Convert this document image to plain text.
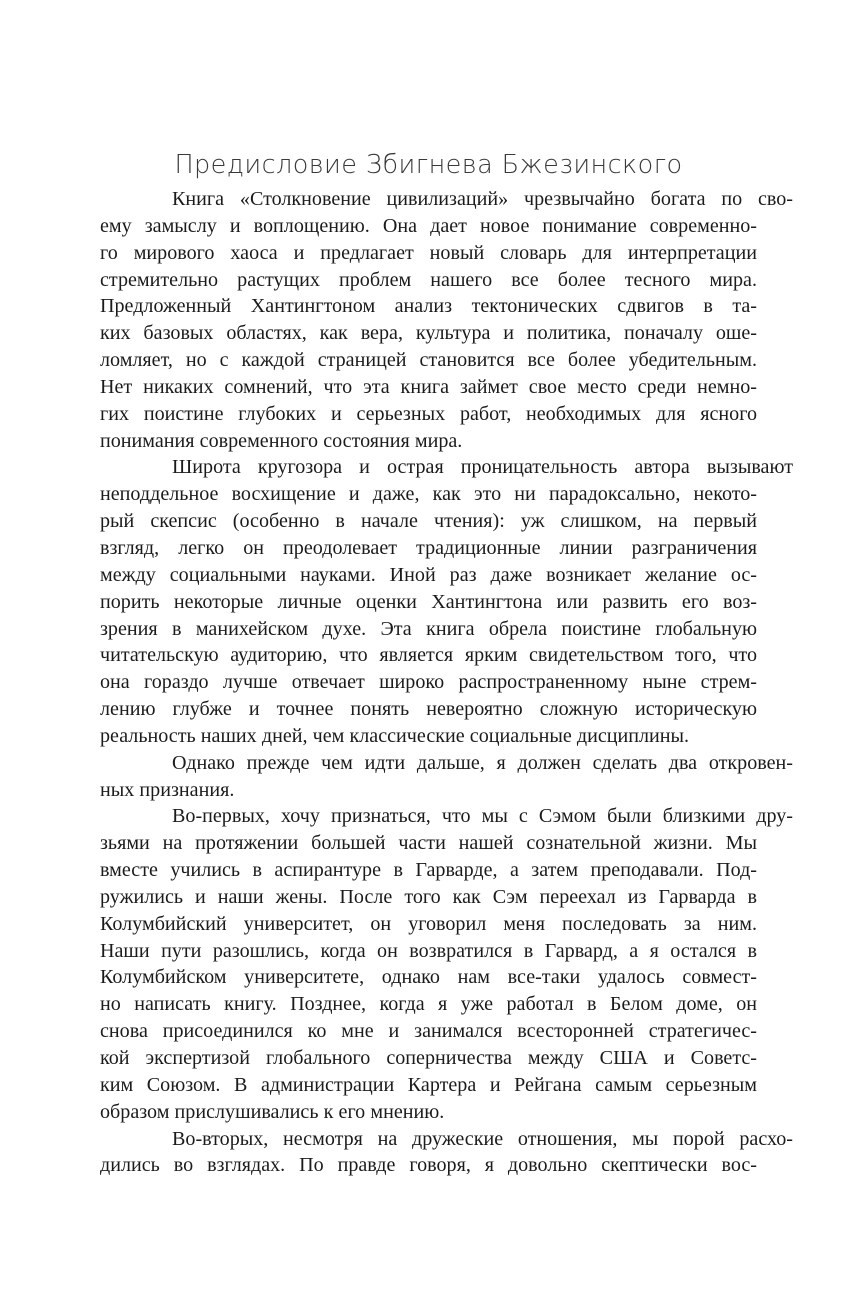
Предисловие Збигнева Бжезинского

Книга «Столкновение цивилизаций» чрезвычайно богата по сво-
ему замыслу и воплощению. Она дает новое понимание современно-
го мирового хаоса и предлагает новый словарь для интерпретации
стремительно растущих проблем нашего все более тесного мира.
Предложенный Хантингтоном анализ тектонических сдвигов в та-
ких базовых областях, как вера, культура и политика, поначалу оше-
ломляет, но с каждой страницей становится все более убедительным.
Нет никаких сомнений, что эта книга займет свое место среди немно-
гих поистине глубоких и серьезных работ, необходимых для ясного
понимания современного состояния мира.

Широта кругозора и острая проницательность автора вызывают
неподдельное восхищение и даже, как это ни парадоксально, некото-
рый скепсис (особенно в начале чтения): уж слишком, на первый
взгляд, легко он преодолевает традиционные линии разграничения
между социальными науками. Иной раз даже возникает желание ос-
порить некоторые личные оценки Хантингтона или развить его воз-
зрения в манихейском духе. Эта книга обрела поистине глобальную
читательскую аудиторию, что является ярким свидетельством того, что
она гораздо лучше отвечает широко распространенному ныне стрем-
лению глубже и точнее понять невероятно сложную историческую
реальность наших дней, чем классические социальные дисциплины.

Однако прежде чем идти дальше, я должен сделать два откровен-
ных признания.

Во-первых, хочу признаться, что мы с Сэмом были близкими дру-
зьями на протяжении большей части нашей сознательной жизни. Мы
вместе учились в аспирантуре в Гарварде, а затем преподавали. Под-
ружились и наши жены. После того как Сэм переехал из Гарварда в
Колумбийский университет, он уговорил меня последовать за ним.
Наши пути разошлись, когда он возвратился в Гарвард, а я остался в
Колумбийском университете, однако нам все-таки удалось совмест-
но написать книгу. Позднее, когда я уже работал в Белом доме, он
снова присоединился ко мне и занимался всесторонней стратегичес-
кой экспертизой глобального соперничества между США и Советс-
ким Союзом. В администрации Картера и Рейгана самым серьезным
образом прислушивались к его мнению.

Во-вторых, несмотря на дружеские отношения, мы порой расхо-
дились во взглядах. По правде говоря, я довольно скептически вос-
